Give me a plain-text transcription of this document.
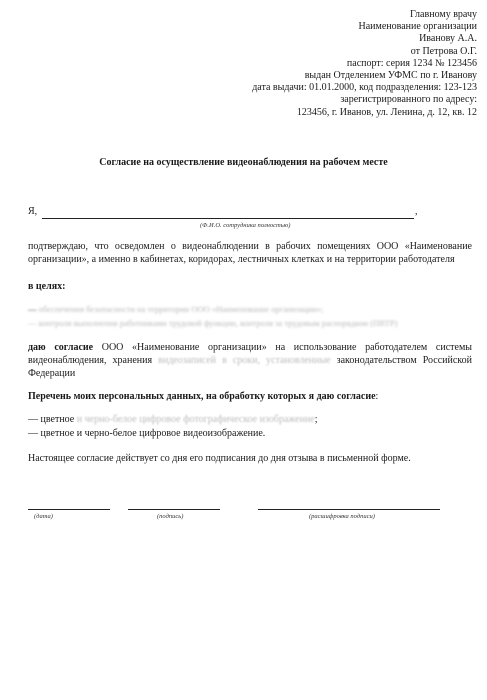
Главному врачу
Наименование организации
Иванову А.А.
от Петрова О.Г.
паспорт: серия 1234 № 123456
выдан Отделением УФМС по г. Иванову
дата выдачи: 01.01.2000, код подразделения: 123-123
зарегистрированного по адресу:
123456, г. Иванов, ул. Ленина, д. 12, кв. 12
Согласие на осуществление видеонаблюдения на рабочем месте
Я,	,
(Ф.И.О. сотрудника полностью)
подтверждаю, что осведомлен о видеонаблюдении в рабочих помещениях ООО «Наименование организации», а именно в кабинетах, коридорах, лестничных клетках и на территории работодателя
в целях:
— обеспечения безопасности на территории ООО «Наименование организации»;
— контроля выполнения работниками трудовой функции, контроля за трудовым распорядком (ПВТР)
даю согласие ООО «Наименование организации» на использование работодателем системы видеонаблюдения, хранения видеозаписей в сроки, установленные законодательством Российской Федерации
Перечень моих персональных данных, на обработку которых я даю согласие:
— цветное и черно-белое цифровое фотографическое изображение;
— цветное и черно-белое цифровое видеоизображение.
Настоящее согласие действует со дня его подписания до дня отзыва в письменной форме.
(дата)	(подпись)	(расшифровка подписи)
